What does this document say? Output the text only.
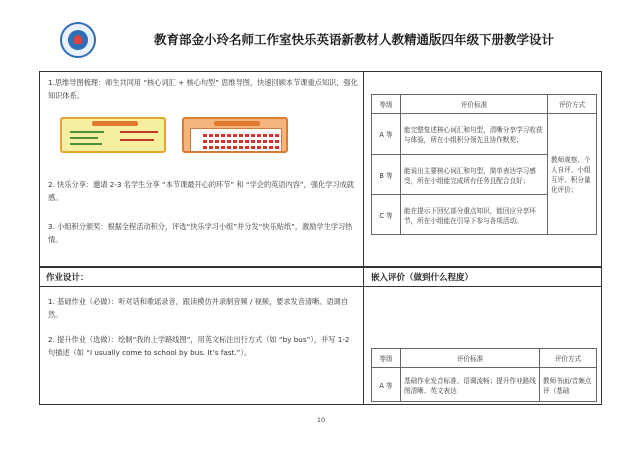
教育部金小玲名师工作室快乐英语新教材人教精通版四年级下册教学设计
1.思维导图梳理：师生共同用 “核心词汇 + 核心句型” 思维导图，快速回顾本节课重点知识，强化知识体系。
2. 快乐分享：邀请 2-3 名学生分享 “本节课最开心的环节” 和 “学会的英语内容”，强化学习成就感。
3. 小组积分颁奖：根据全程活动积分，评选“快乐学习小组”并分发“快乐贴纸”，激励学生学习热情。
等级	评价标准	评价方式
A 等	能完整复述核心词汇和句型，清晰分享学习收获与体验，所在小组积分领先且协作默契；	教师观察、个人自评、小组互评、积分量化评价；
B 等	能说出主要核心词汇和句型，简单表达学习感受，所在小组能完成所有任务且配合良好；	
C 等	能在提示下回忆部分重点知识，能回应分享环节，所在小组能在引导下参与各项活动。	
作业设计：	嵌入评价（做到什么程度）
1. 基础作业（必做）：听对话和歌谣录音，跟读模仿并录制音频 / 视频，要求发音清晰、语调自然。
2. 提升作业（选做）：绘制“我的上学路线图”，用英文标注出行方式（如 “by bus”），并写 1-2 句描述（如 “I usually come to school by bus. It’s fast.”）。
等级	评价标准	评价方式
A 等	基础作业发音标准、语调流畅；提升作业路线图清晰、英文表达	教师书面/音频点评（基础
10
